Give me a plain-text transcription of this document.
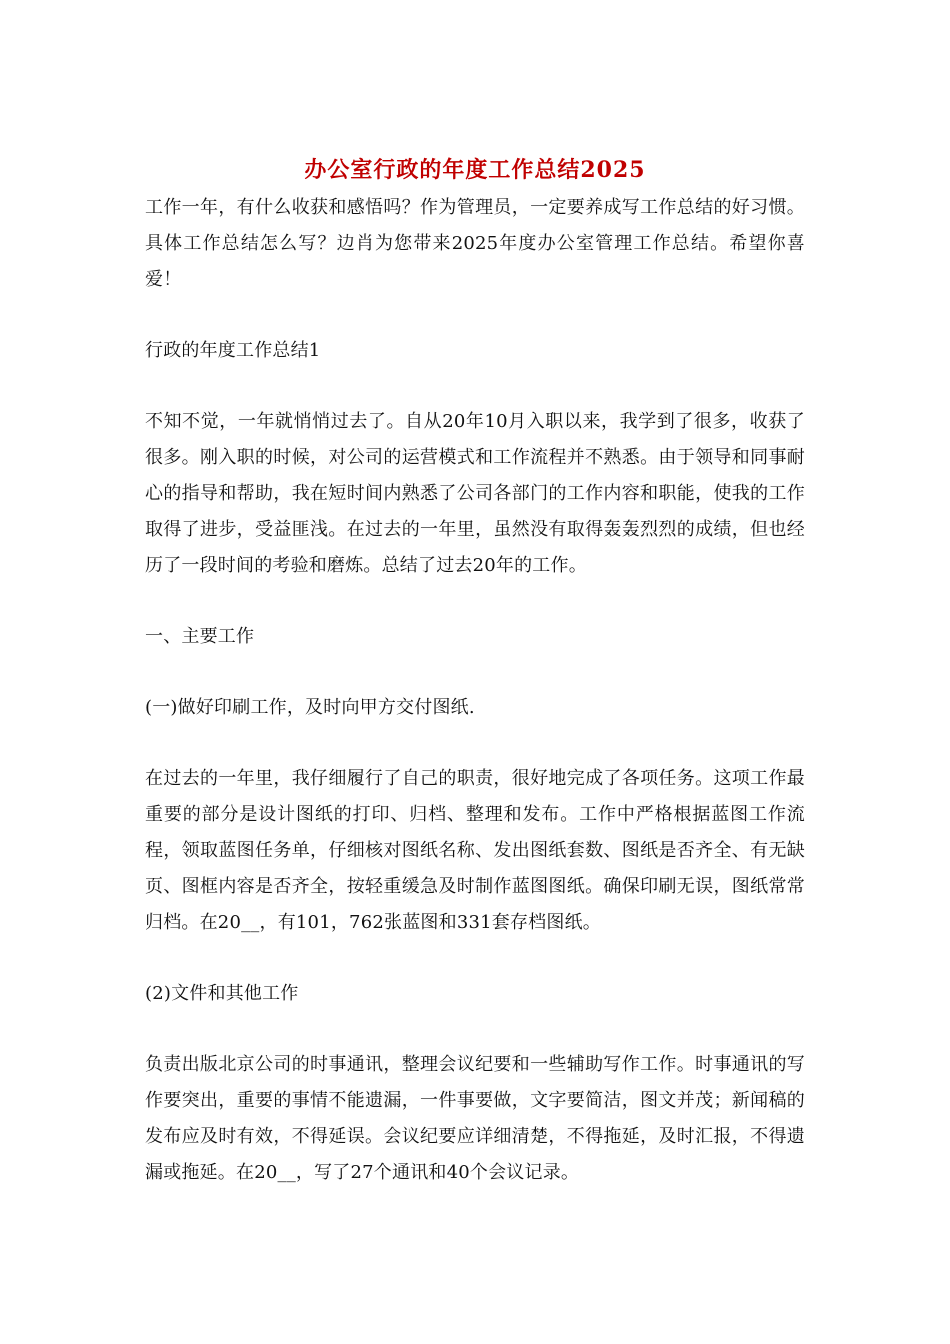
办公室行政的年度工作总结2025

工作一年，有什么收获和感悟吗？作为管理员，一定要养成写工作总结的好习惯。具体工作总结怎么写？边肖为您带来2025年度办公室管理工作总结。希望你喜爱！

行政的年度工作总结1

不知不觉，一年就悄悄过去了。自从20年10月入职以来，我学到了很多，收获了很多。刚入职的时候，对公司的运营模式和工作流程并不熟悉。由于领导和同事耐心的指导和帮助，我在短时间内熟悉了公司各部门的工作内容和职能，使我的工作取得了进步，受益匪浅。在过去的一年里，虽然没有取得轰轰烈烈的成绩，但也经历了一段时间的考验和磨炼。总结了过去20年的工作。

一、主要工作

(一)做好印刷工作，及时向甲方交付图纸.

在过去的一年里，我仔细履行了自己的职责，很好地完成了各项任务。这项工作最重要的部分是设计图纸的打印、归档、整理和发布。工作中严格根据蓝图工作流程，领取蓝图任务单，仔细核对图纸名称、发出图纸套数、图纸是否齐全、有无缺页、图框内容是否齐全，按轻重缓急及时制作蓝图图纸。确保印刷无误，图纸常常归档。在20__，有101，762张蓝图和331套存档图纸。

(2)文件和其他工作

负责出版北京公司的时事通讯，整理会议纪要和一些辅助写作工作。时事通讯的写作要突出，重要的事情不能遗漏，一件事要做，文字要简洁，图文并茂；新闻稿的发布应及时有效，不得延误。会议纪要应详细清楚，不得拖延，及时汇报，不得遗漏或拖延。在20__，写了27个通讯和40个会议记录。
